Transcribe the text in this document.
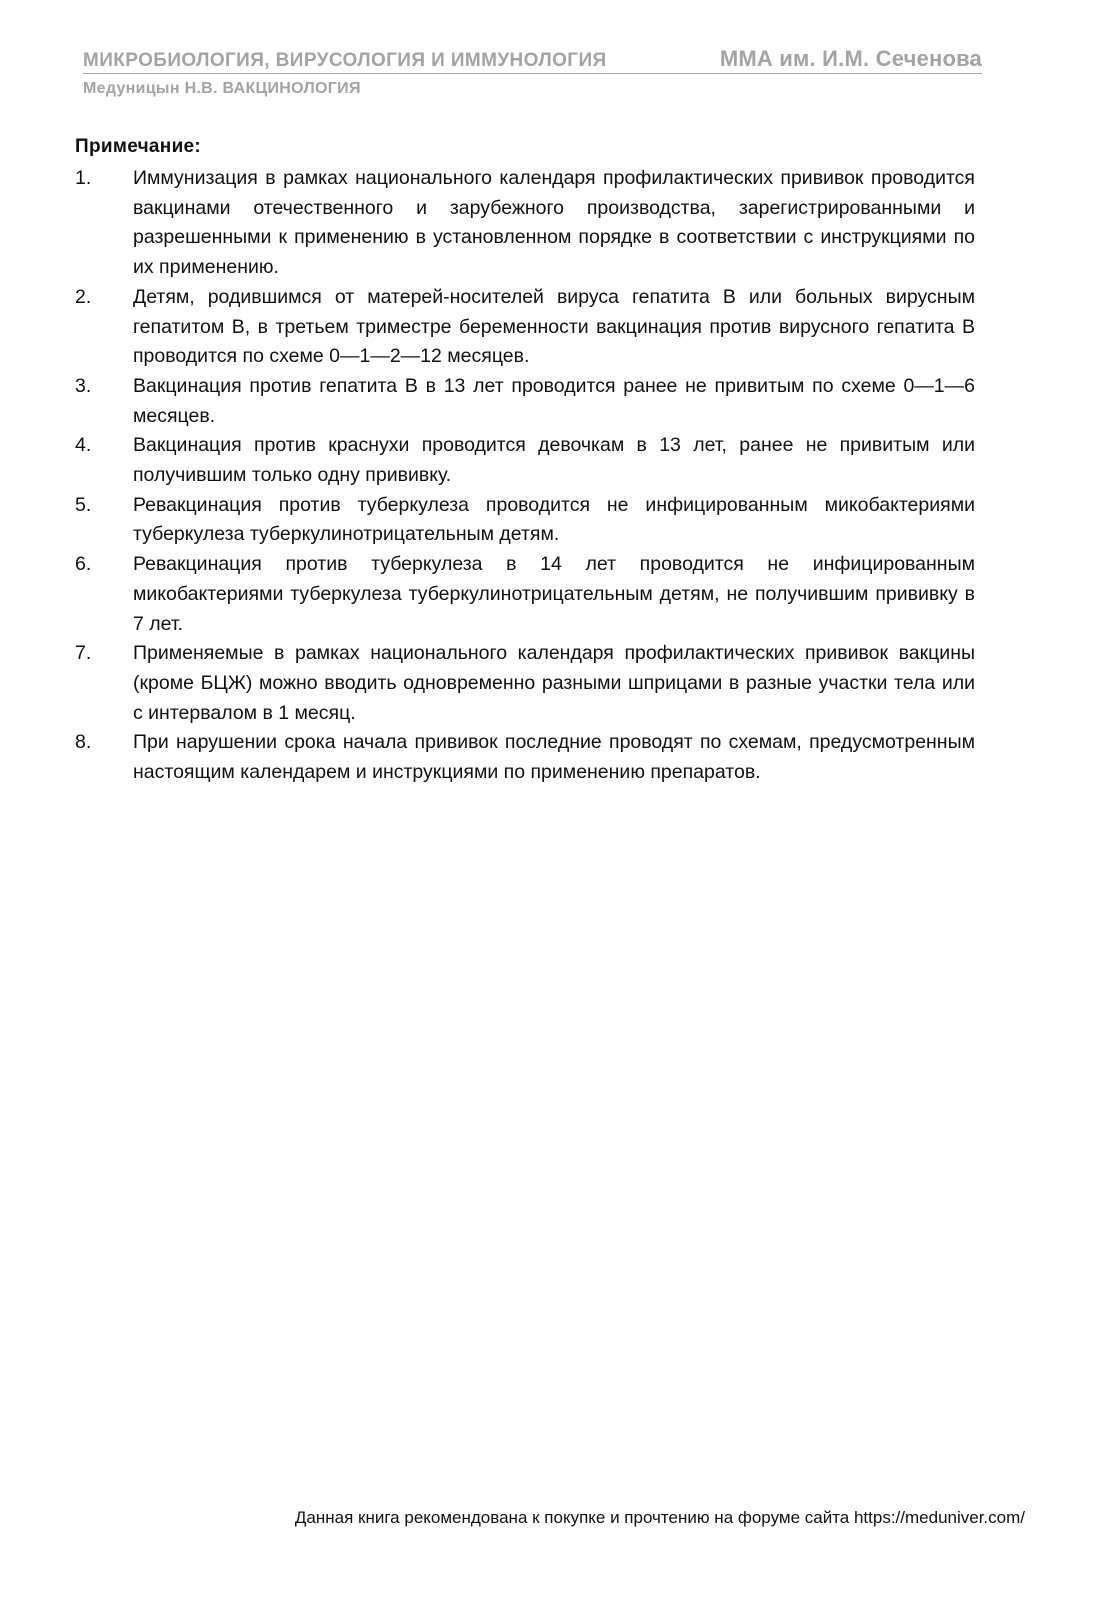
МИКРОБИОЛОГИЯ, ВИРУСОЛОГИЯ И ИММУНОЛОГИЯ	ММА им. И.М. Сеченова
Медуницын Н.В. ВАКЦИНОЛОГИЯ
Примечание:
1.	Иммунизация в рамках национального календаря профилактических прививок проводится вакцинами отечественного и зарубежного производства, зарегистрированными и разрешенными к применению в установленном порядке в соответствии с инструкциями по их применению.
2.	Детям, родившимся от матерей-носителей вируса гепатита В или больных вирусным гепатитом В, в третьем триместре беременности вакцинация против вирусного гепатита В проводится по схеме 0—1—2—12 месяцев.
3.	Вакцинация против гепатита В в 13 лет проводится ранее не привитым по схеме 0—1—6 месяцев.
4.	Вакцинация против краснухи проводится девочкам в 13 лет, ранее не привитым или получившим только одну прививку.
5.	Ревакцинация против туберкулеза проводится не инфицированным микобактериями туберкулеза туберкулинотрицательным детям.
6.	Ревакцинация против туберкулеза в 14 лет проводится не инфицированным микобактериями туберкулеза туберкулинотрицательным детям, не получившим прививку в 7 лет.
7.	Применяемые в рамках национального календаря профилактических прививок вакцины (кроме БЦЖ) можно вводить одновременно разными шприцами в разные участки тела или с интервалом в 1 месяц.
8.	При нарушении срока начала прививок последние проводят по схемам, предусмотренным настоящим календарем и инструкциями по применению препаратов.
Данная книга рекомендована к покупке и прочтению на форуме сайта https://meduniver.com/
